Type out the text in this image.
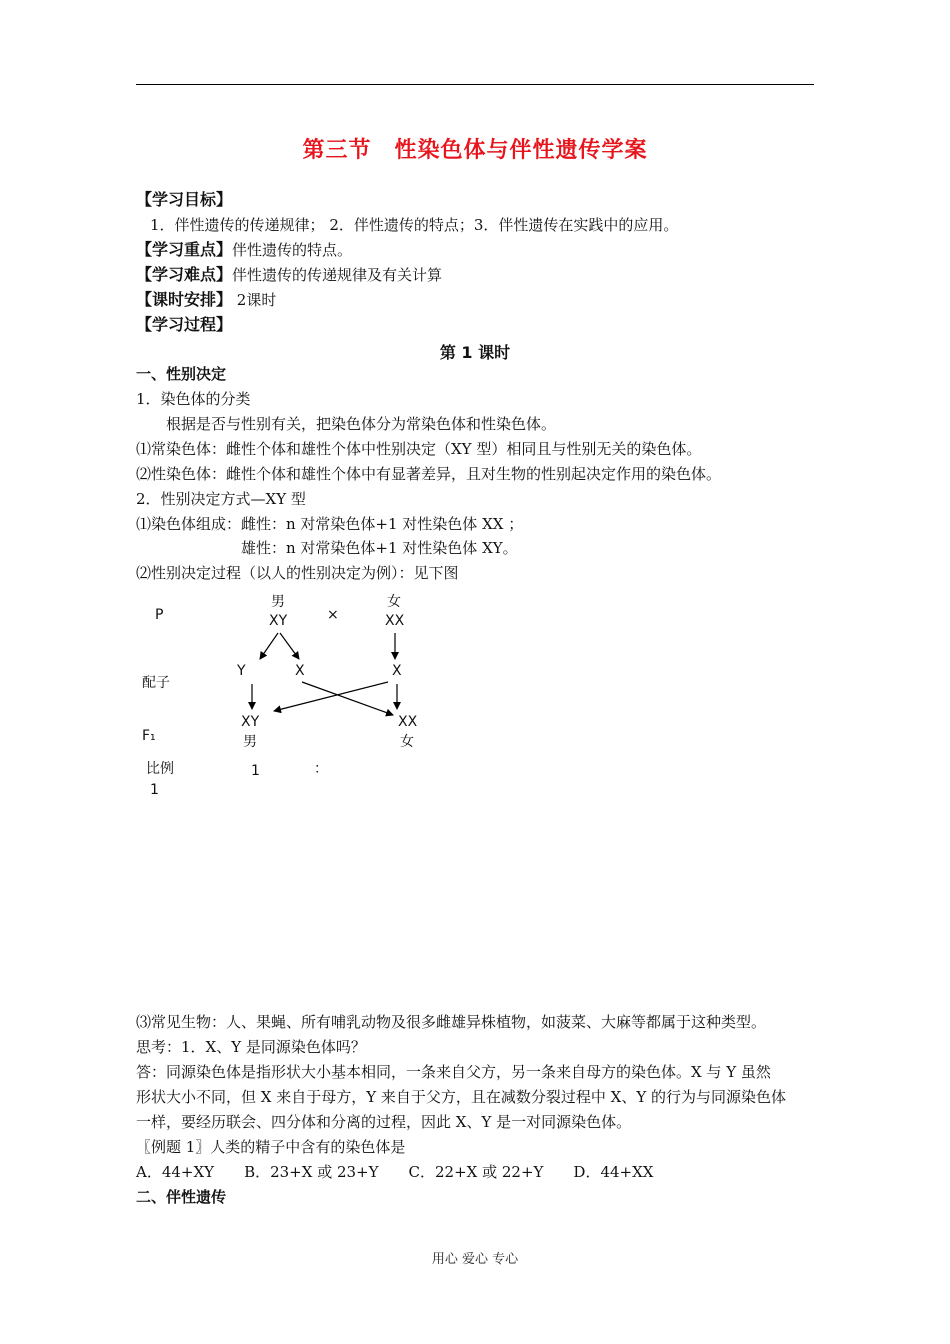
第三节　性染色体与伴性遗传学案
【学习目标】
1．伴性遗传的传递规律； 2．伴性遗传的特点；3．伴性遗传在实践中的应用。
【学习重点】伴性遗传的特点。
【学习难点】伴性遗传的传递规律及有关计算
【课时安排】 2课时
【学习过程】
第 1 课时
一、性别决定
1．染色体的分类
　　根据是否与性别有关，把染色体分为常染色体和性染色体。
⑴常染色体：雌性个体和雄性个体中性别决定（XY 型）相同且与性别无关的染色体。
⑵性染色体：雌性个体和雄性个体中有显著差异，且对生物的性别起决定作用的染色体。
2．性别决定方式—XY 型
⑴染色体组成：雌性：n 对常染色体+1 对性染色体 XX ；
　　　　　　　雄性：n 对常染色体+1 对性染色体 XY。
⑵性别决定过程（以人的性别决定为例）：见下图
P
男
XY	×
女
XX
配子
Y	X	X
F₁
XY
男
XX
女
比例	1	：
1
⑶常见生物：人、果蝇、所有哺乳动物及很多雌雄异株植物，如菠菜、大麻等都属于这种类型。
思考：1．X、Y 是同源染色体吗？
答：同源染色体是指形状大小基本相同，一条来自父方，另一条来自母方的染色体。X 与 Y 虽然
形状大小不同，但 X 来自于母方，Y 来自于父方，且在减数分裂过程中 X、Y 的行为与同源染色体
一样，要经历联会、四分体和分离的过程，因此 X、Y 是一对同源染色体。
〖例题 1〗人类的精子中含有的染色体是
A．44+XY　　B．23+X 或 23+Y　　C．22+X 或 22+Y　　D．44+XX
二、伴性遗传
用心 爱心 专心
